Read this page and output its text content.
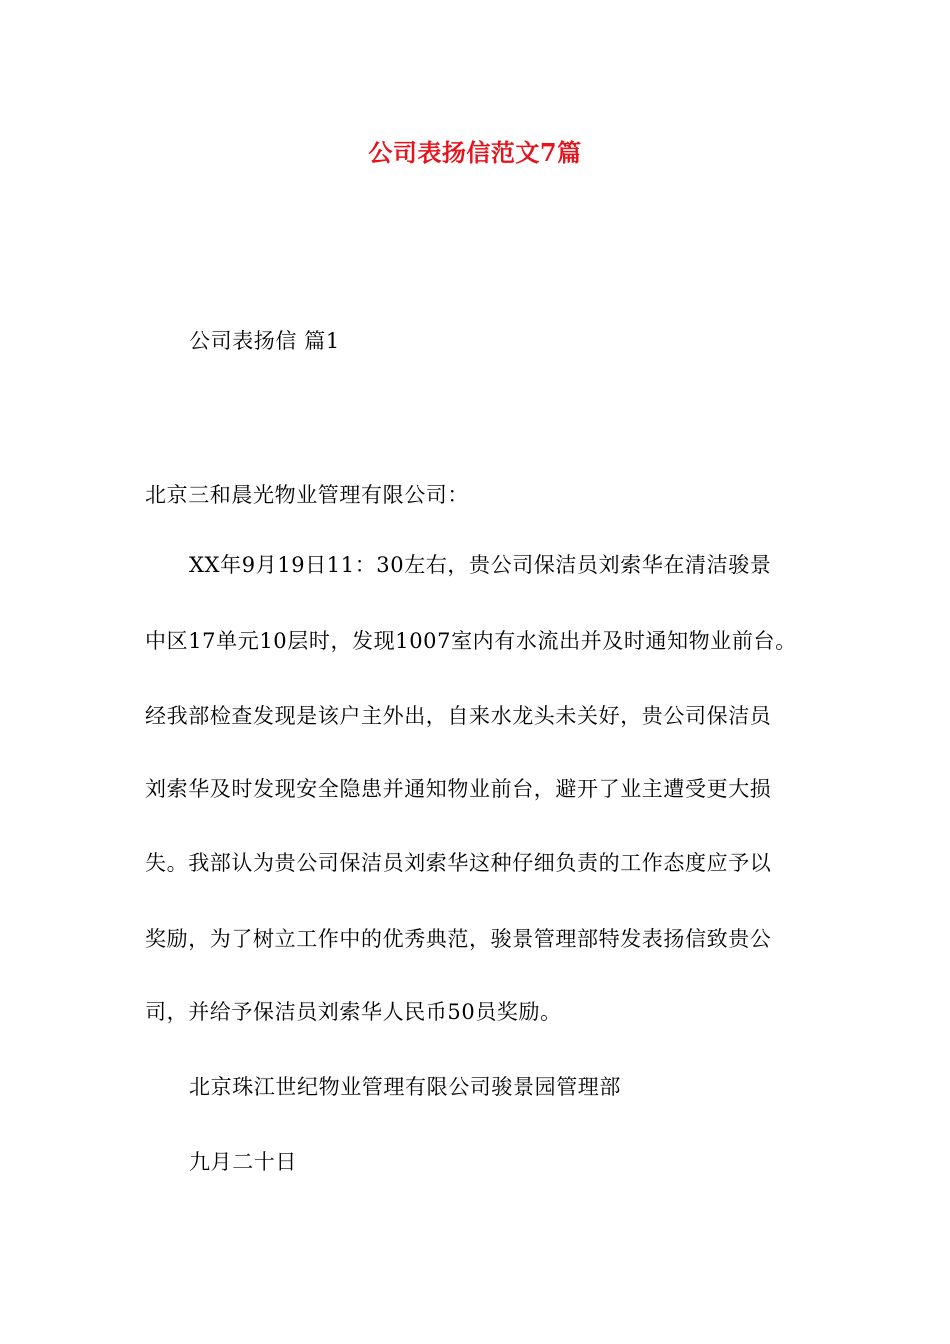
公司表扬信范文7篇
公司表扬信 篇1
北京三和晨光物业管理有限公司：
XX年9月19日11：30左右，贵公司保洁员刘索华在清洁骏景
中区17单元10层时，发现1007室内有水流出并及时通知物业前台。
经我部检查发现是该户主外出，自来水龙头未关好，贵公司保洁员
刘索华及时发现安全隐患并通知物业前台，避开了业主遭受更大损
失。我部认为贵公司保洁员刘索华这种仔细负责的工作态度应予以
奖励，为了树立工作中的优秀典范，骏景管理部特发表扬信致贵公
司，并给予保洁员刘索华人民币50员奖励。
北京珠江世纪物业管理有限公司骏景园管理部
九月二十日
